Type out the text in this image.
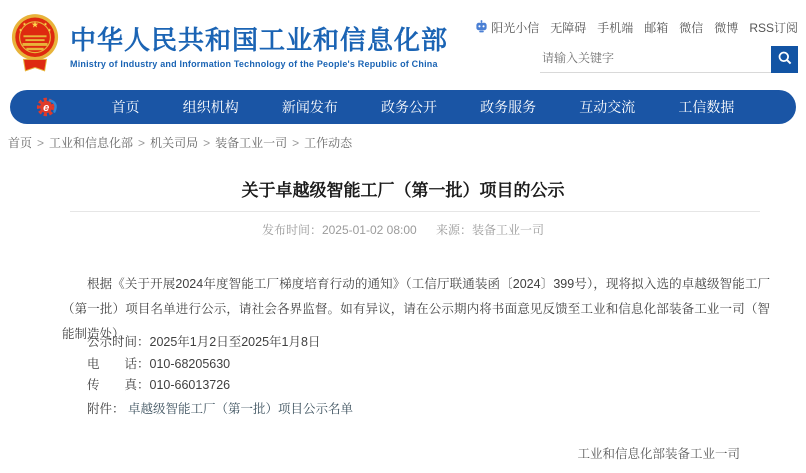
★
★	★
★	★ 中华人民共和国工业和信息化部
Ministry of Industry and Information Technology of the People's Republic of China
阳光小信 无障碍 手机端 邮箱 微信 微博 RSS订阅
请输入关键字
e	首页	组织机构	新闻发布	政务公开	政务服务	互动交流	工信数据
首页 > 工业和信息化部 > 机关司局 > 装备工业一司 > 工作动态
关于卓越级智能工厂（第一批）项目的公示
发布时间：2025-01-02 08:00 来源：装备工业一司
根据《关于开展2024年度智能工厂梯度培育行动的通知》（工信厅联通装函〔2024〕399号），现将拟入选的卓越级智能工厂（第一批）项目名单进行公示，请社会各界监督。如有异议，请在公示期内将书面意见反馈至工业和信息化部装备工业一司（智能制造处）。
公示时间：2025年1月2日至2025年1月8日
电　　话：010-68205630
传　　真：010-66013726
附件： 卓越级智能工厂（第一批）项目公示名单
工业和信息化部装备工业一司
